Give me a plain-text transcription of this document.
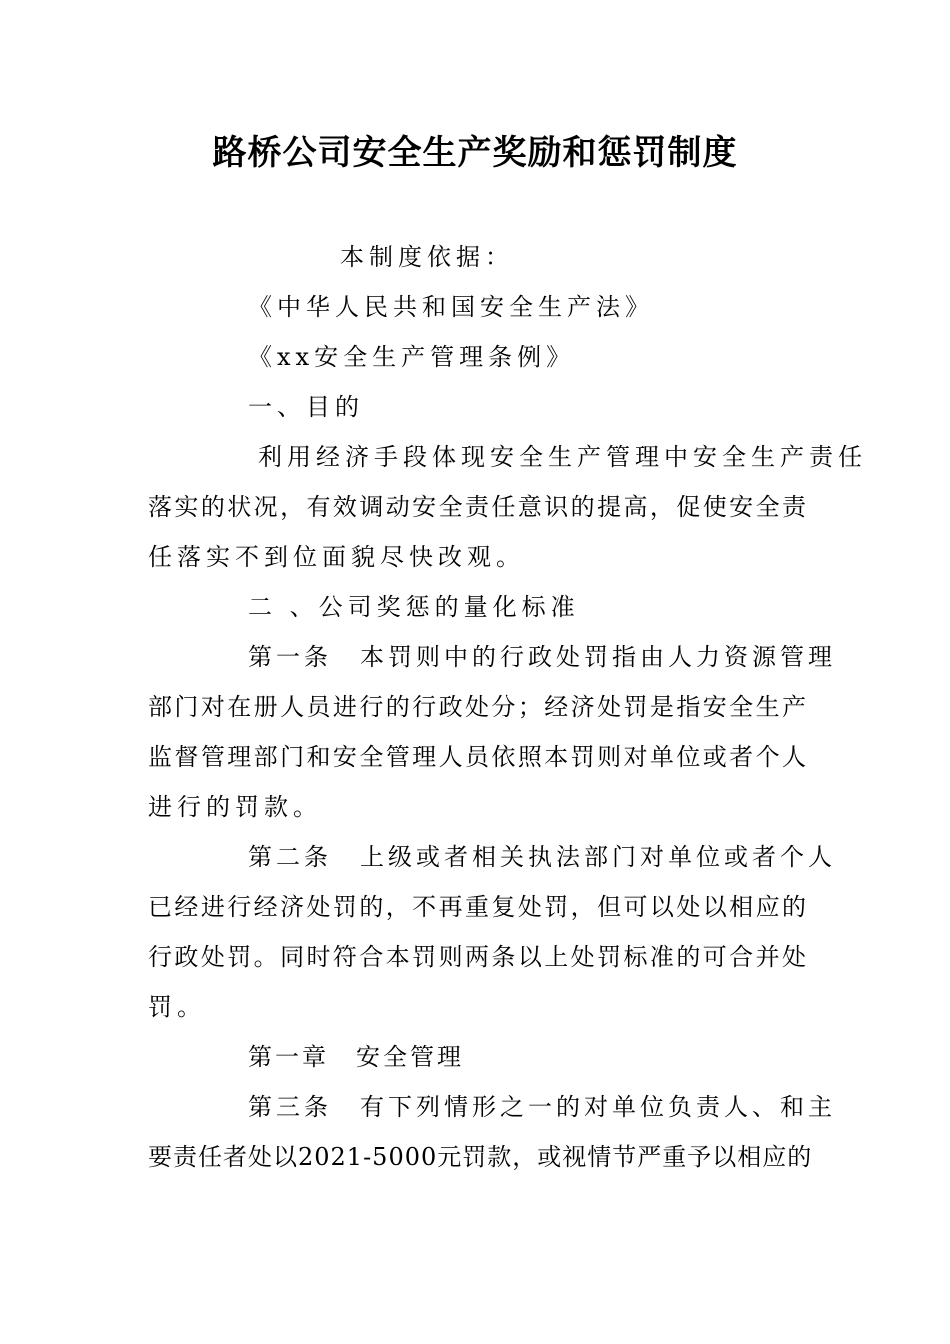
路桥公司安全生产奖励和惩罚制度

本制度依据：

《中华人民共和国安全生产法》

《xx安全生产管理条例》

一、目的

利用经济手段体现安全生产管理中安全生产责任

落实的状况，有效调动安全责任意识的提高，促使安全责

任落实不到位面貌尽快改观。

二 、公司奖惩的量化标准

第一条　本罚则中的行政处罚指由人力资源管理

部门对在册人员进行的行政处分；经济处罚是指安全生产

监督管理部门和安全管理人员依照本罚则对单位或者个人

进行的罚款。

第二条　上级或者相关执法部门对单位或者个人

已经进行经济处罚的，不再重复处罚，但可以处以相应的

行政处罚。同时符合本罚则两条以上处罚标准的可合并处

罚。

第一章　安全管理

第三条　有下列情形之一的对单位负责人、和主

要责任者处以2021-5000元罚款，或视情节严重予以相应的
